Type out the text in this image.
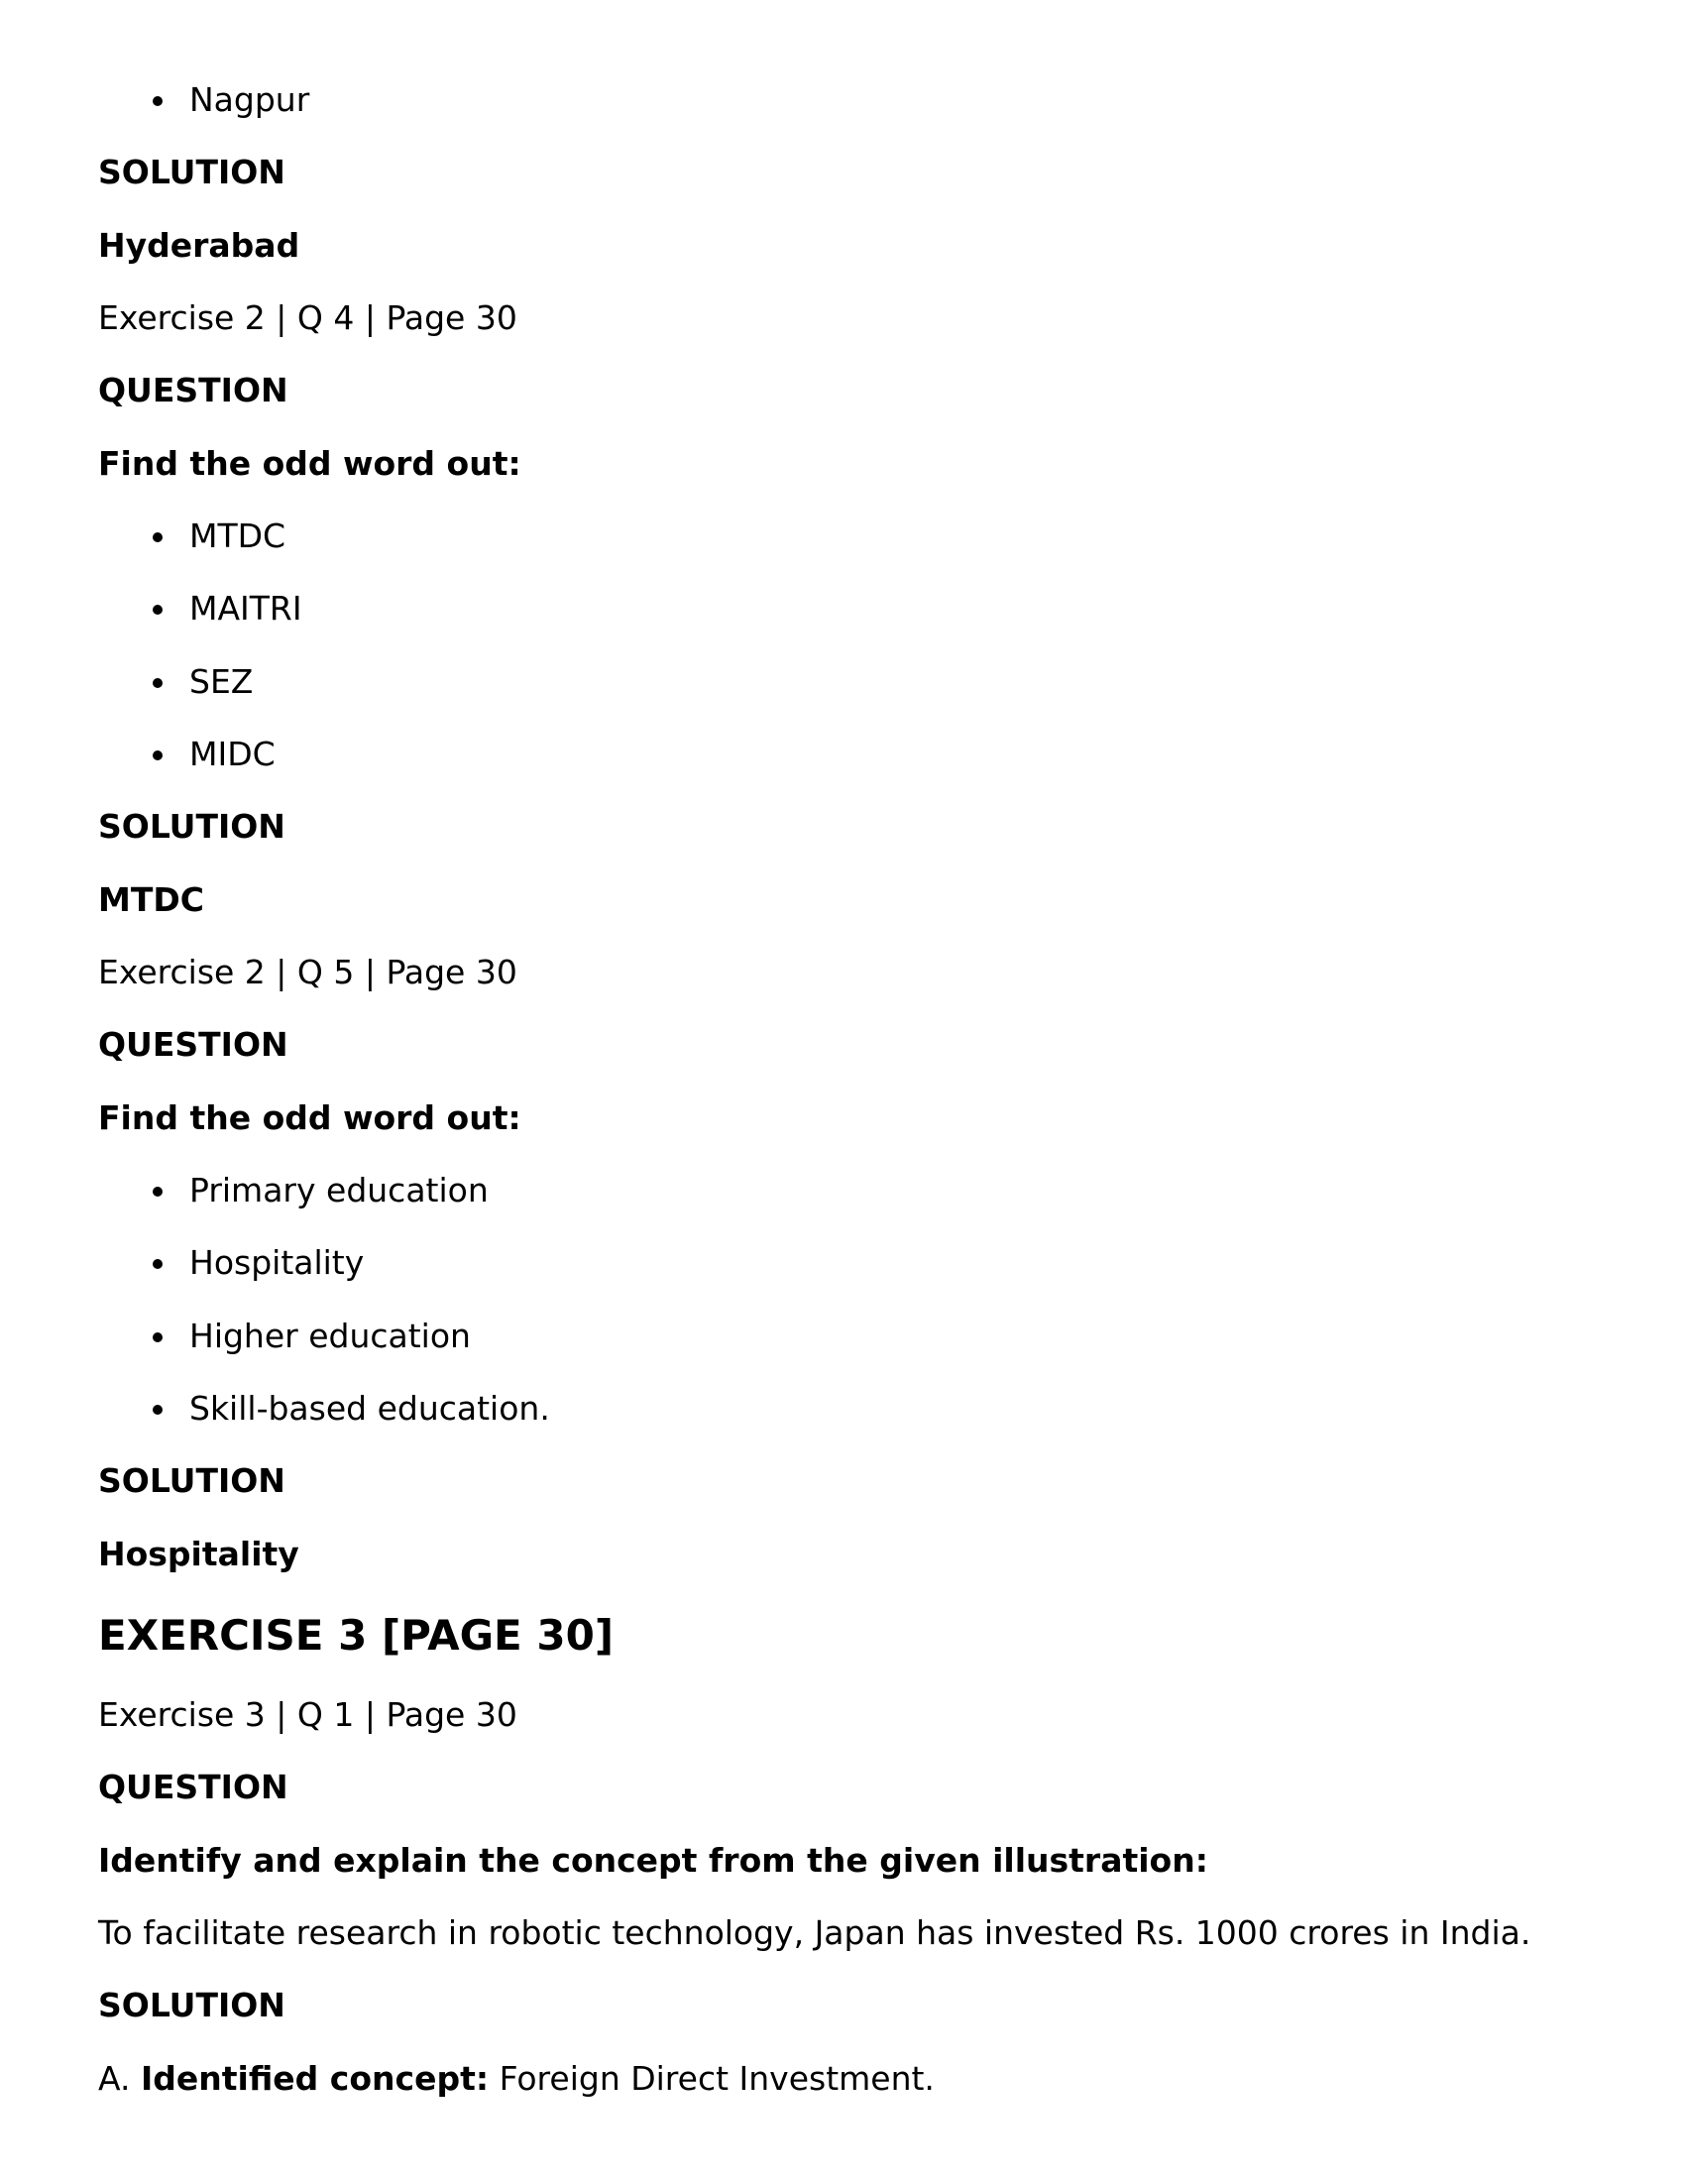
Nagpur
SOLUTION
Hyderabad
Exercise 2 | Q 4 | Page 30
QUESTION
Find the odd word out:
MTDC
MAITRI
SEZ
MIDC
SOLUTION
MTDC
Exercise 2 | Q 5 | Page 30
QUESTION
Find the odd word out:
Primary education
Hospitality
Higher education
Skill-based education.
SOLUTION
Hospitality
EXERCISE 3 [PAGE 30]
Exercise 3 | Q 1 | Page 30
QUESTION
Identify and explain the concept from the given illustration:
To facilitate research in robotic technology, Japan has invested Rs. 1000 crores in India.
SOLUTION
A. Identified concept: Foreign Direct Investment.
